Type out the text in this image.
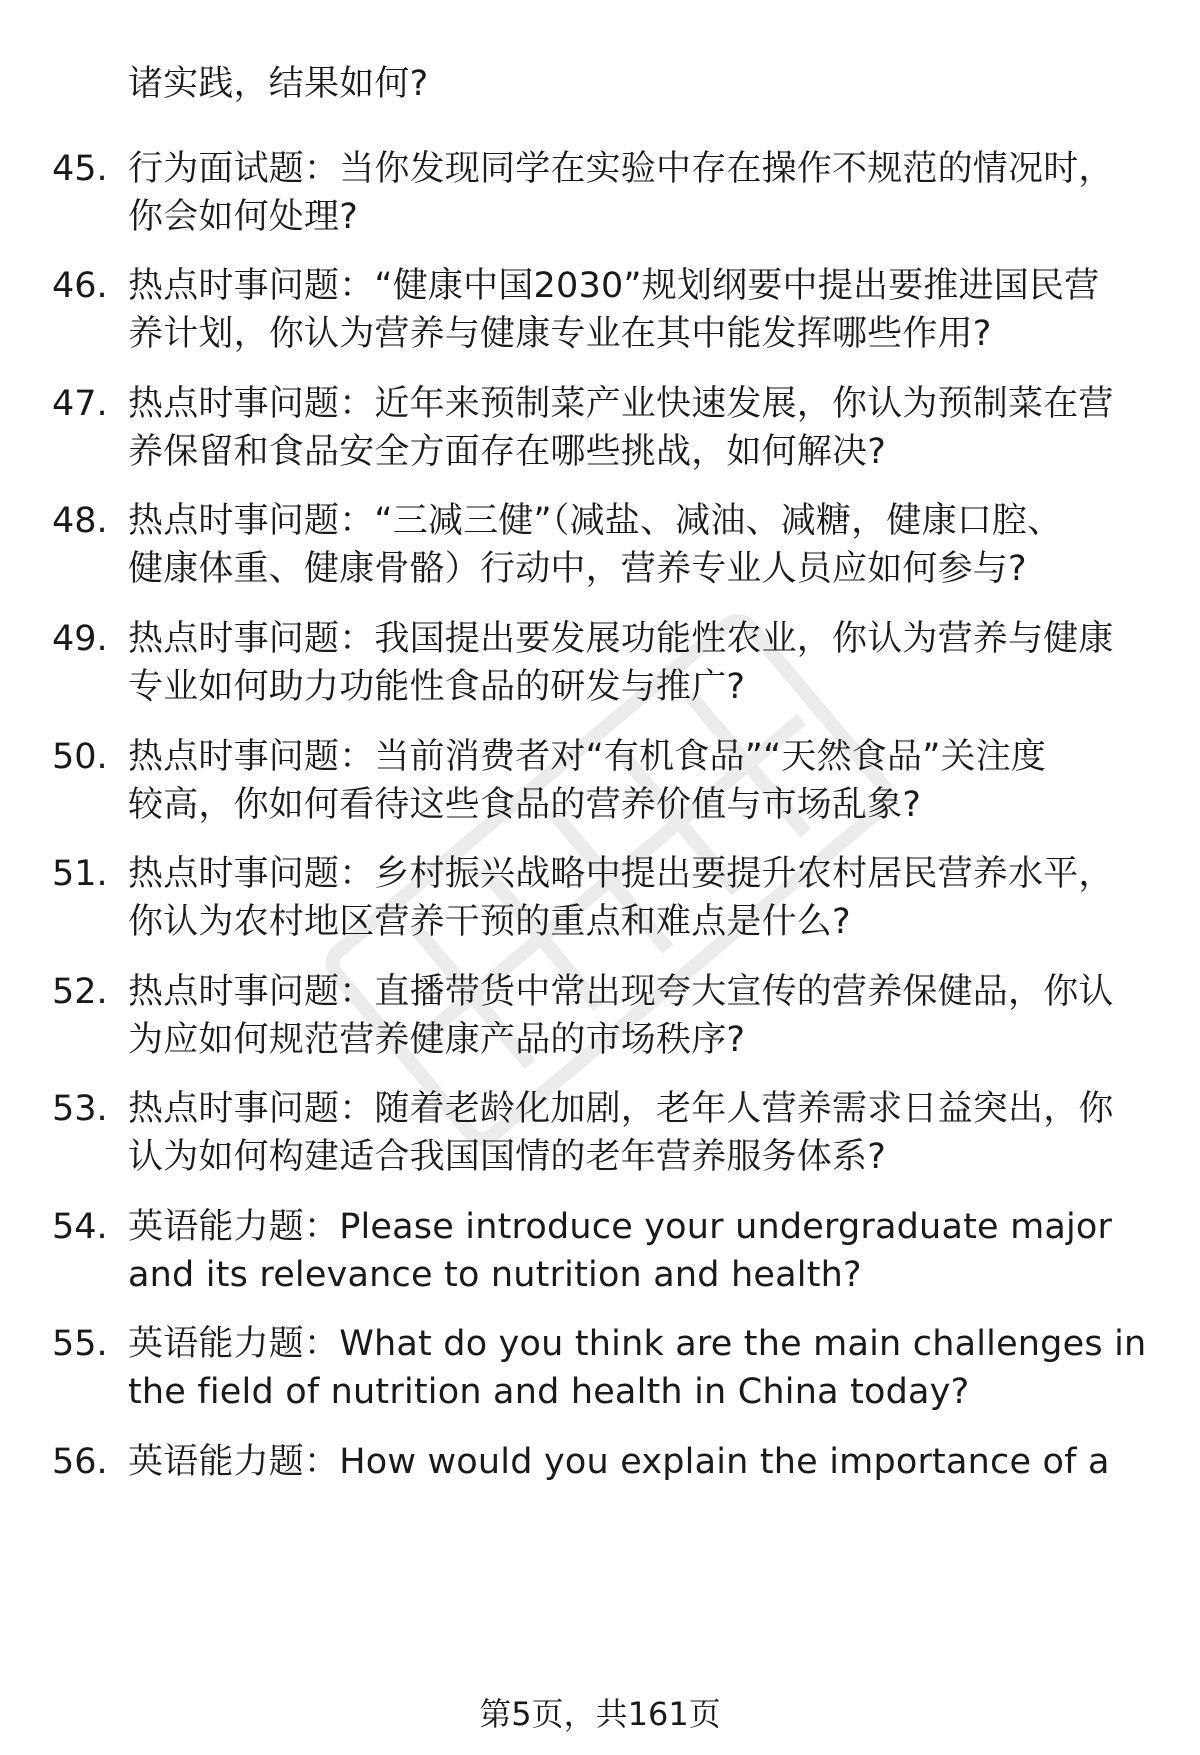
诸实践，结果如何?
45. 行为面试题：当你发现同学在实验中存在操作不规范的情况时，
你会如何处理?
46. 热点时事问题：“健康中国2030”规划纲要中提出要推进国民营
养计划，你认为营养与健康专业在其中能发挥哪些作用?
47. 热点时事问题：近年来预制菜产业快速发展，你认为预制菜在营
养保留和食品安全方面存在哪些挑战，如何解决?
48. 热点时事问题：“三减三健”（减盐、减油、减糖，健康口腔、
健康体重、健康骨骼）行动中，营养专业人员应如何参与?
49. 热点时事问题：我国提出要发展功能性农业，你认为营养与健康
专业如何助力功能性食品的研发与推广?
50. 热点时事问题：当前消费者对“有机食品”“天然食品”关注度
较高，你如何看待这些食品的营养价值与市场乱象?
51. 热点时事问题：乡村振兴战略中提出要提升农村居民营养水平，
你认为农村地区营养干预的重点和难点是什么?
52. 热点时事问题：直播带货中常出现夸大宣传的营养保健品，你认
为应如何规范营养健康产品的市场秩序?
53. 热点时事问题：随着老龄化加剧，老年人营养需求日益突出，你
认为如何构建适合我国国情的老年营养服务体系?
54. 英语能力题：Please introduce your undergraduate major
and its relevance to nutrition and health?
55. 英语能力题：What do you think are the main challenges in
the field of nutrition and health in China today?
56. 英语能力题：How would you explain the importance of a
第5页，共161页
